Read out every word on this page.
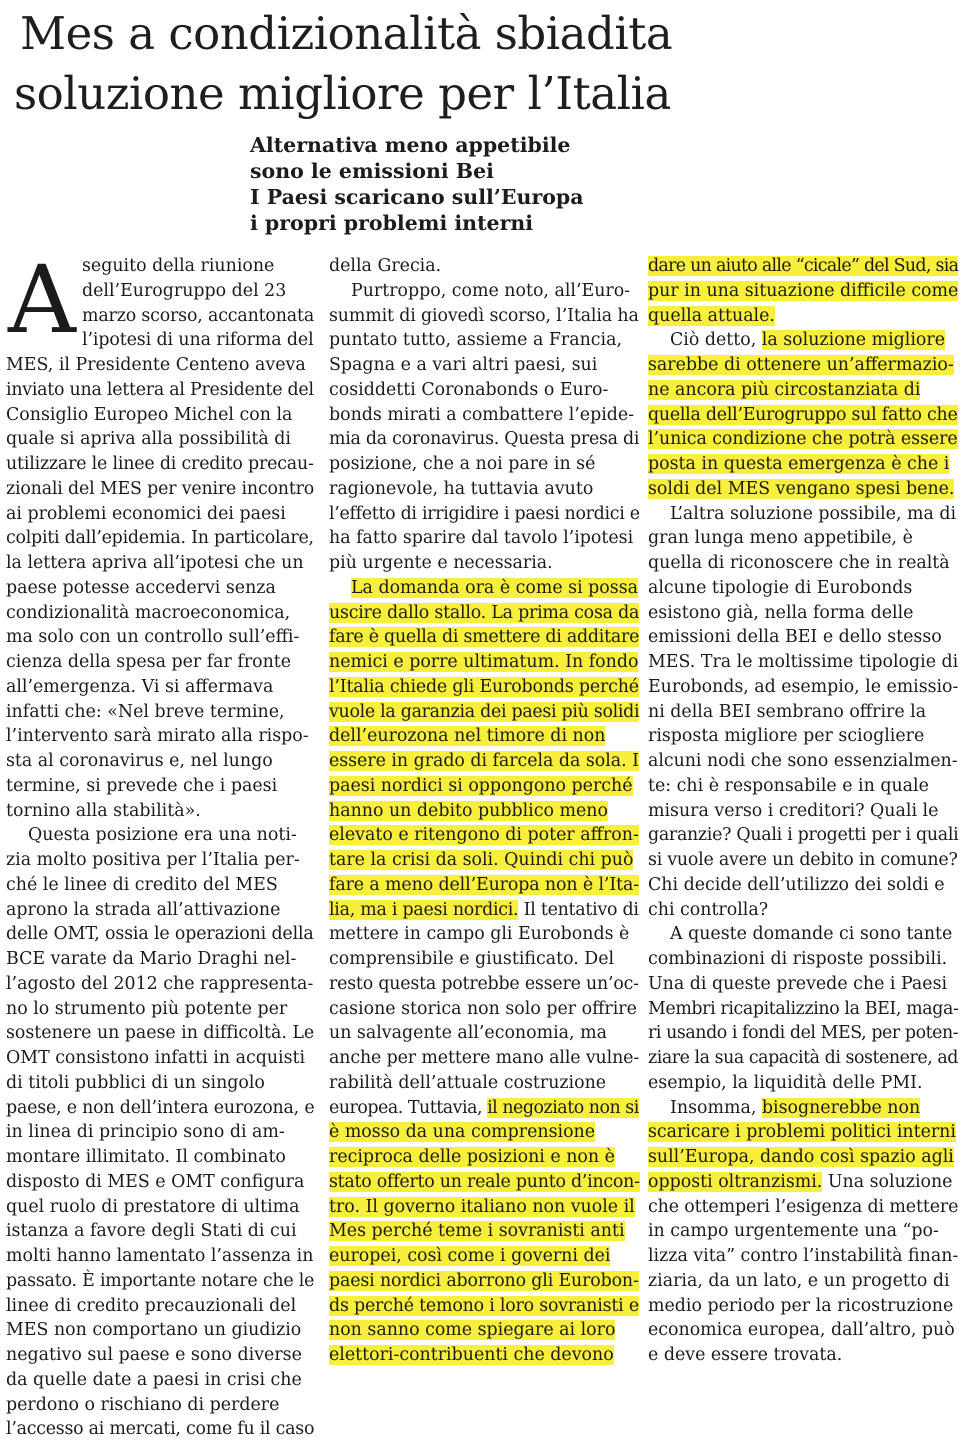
Mes a condizionalità sbiadita
soluzione migliore per l’Italia
Alternativa meno appetibile
sono le emissioni Bei
I Paesi scaricano sull’Europa
i propri problemi interni
A seguito della riunione
dell’Eurogruppo del 23
marzo scorso, accantonata
l’ipotesi di una riforma del
MES, il Presidente Centeno aveva
inviato una lettera al Presidente del
Consiglio Europeo Michel con la
quale si apriva alla possibilità di
utilizzare le linee di credito precau-
zionali del MES per venire incontro
ai problemi economici dei paesi
colpiti dall’epidemia. In particolare,
la lettera apriva all’ipotesi che un
paese potesse accedervi senza
condizionalità macroeconomica,
ma solo con un controllo sull’effi-
cienza della spesa per far fronte
all’emergenza. Vi si affermava
infatti che: «Nel breve termine,
l’intervento sarà mirato alla rispo-
sta al coronavirus e, nel lungo
termine, si prevede che i paesi
tornino alla stabilità».
Questa posizione era una noti-
zia molto positiva per l’Italia per-
ché le linee di credito del MES
aprono la strada all’attivazione
delle OMT, ossia le operazioni della
BCE varate da Mario Draghi nel-
l’agosto del 2012 che rappresenta-
no lo strumento più potente per
sostenere un paese in difficoltà. Le
OMT consistono infatti in acquisti
di titoli pubblici di un singolo
paese, e non dell’intera eurozona, e
in linea di principio sono di am-
montare illimitato. Il combinato
disposto di MES e OMT configura
quel ruolo di prestatore di ultima
istanza a favore degli Stati di cui
molti hanno lamentato l’assenza in
passato. È importante notare che le
linee di credito precauzionali del
MES non comportano un giudizio
negativo sul paese e sono diverse
da quelle date a paesi in crisi che
perdono o rischiano di perdere
l’accesso ai mercati, come fu il caso
della Grecia.
Purtroppo, come noto, all’Euro-
summit di giovedì scorso, l’Italia ha
puntato tutto, assieme a Francia,
Spagna e a vari altri paesi, sui
cosiddetti Coronabonds o Euro-
bonds mirati a combattere l’epide-
mia da coronavirus. Questa presa di
posizione, che a noi pare in sé
ragionevole, ha tuttavia avuto
l’effetto di irrigidire i paesi nordici e
ha fatto sparire dal tavolo l’ipotesi
più urgente e necessaria.
La domanda ora è come si possa
uscire dallo stallo. La prima cosa da
fare è quella di smettere di additare
nemici e porre ultimatum. In fondo
l’Italia chiede gli Eurobonds perché
vuole la garanzia dei paesi più solidi
dell’eurozona nel timore di non
essere in grado di farcela da sola. I
paesi nordici si oppongono perché
hanno un debito pubblico meno
elevato e ritengono di poter affron-
tare la crisi da soli. Quindi chi può
fare a meno dell’Europa non è l’Ita-
lia, ma i paesi nordici. Il tentativo di
mettere in campo gli Eurobonds è
comprensibile e giustificato. Del
resto questa potrebbe essere un’oc-
casione storica non solo per offrire
un salvagente all’economia, ma
anche per mettere mano alle vulne-
rabilità dell’attuale costruzione
europea. Tuttavia, il negoziato non si
è mosso da una comprensione
reciproca delle posizioni e non è
stato offerto un reale punto d’incon-
tro. Il governo italiano non vuole il
Mes perché teme i sovranisti anti
europei, così come i governi dei
paesi nordici aborrono gli Eurobon-
ds perché temono i loro sovranisti e
non sanno come spiegare ai loro
elettori-contribuenti che devono
dare un aiuto alle “cicale” del Sud, sia
pur in una situazione difficile come
quella attuale.
Ciò detto, la soluzione migliore
sarebbe di ottenere un’affermazio-
ne ancora più circostanziata di
quella dell’Eurogruppo sul fatto che
l’unica condizione che potrà essere
posta in questa emergenza è che i
soldi del MES vengano spesi bene.
L’altra soluzione possibile, ma di
gran lunga meno appetibile, è
quella di riconoscere che in realtà
alcune tipologie di Eurobonds
esistono già, nella forma delle
emissioni della BEI e dello stesso
MES. Tra le moltissime tipologie di
Eurobonds, ad esempio, le emissio-
ni della BEI sembrano offrire la
risposta migliore per sciogliere
alcuni nodi che sono essenzialmen-
te: chi è responsabile e in quale
misura verso i creditori? Quali le
garanzie? Quali i progetti per i quali
si vuole avere un debito in comune?
Chi decide dell’utilizzo dei soldi e
chi controlla?
A queste domande ci sono tante
combinazioni di risposte possibili.
Una di queste prevede che i Paesi
Membri ricapitalizzino la BEI, maga-
ri usando i fondi del MES, per poten-
ziare la sua capacità di sostenere, ad
esempio, la liquidità delle PMI.
Insomma, bisognerebbe non
scaricare i problemi politici interni
sull’Europa, dando così spazio agli
opposti oltranzismi. Una soluzione
che ottemperi l’esigenza di mettere
in campo urgentemente una “po-
lizza vita” contro l’instabilità finan-
ziaria, da un lato, e un progetto di
medio periodo per la ricostruzione
economica europea, dall’altro, può
e deve essere trovata.
